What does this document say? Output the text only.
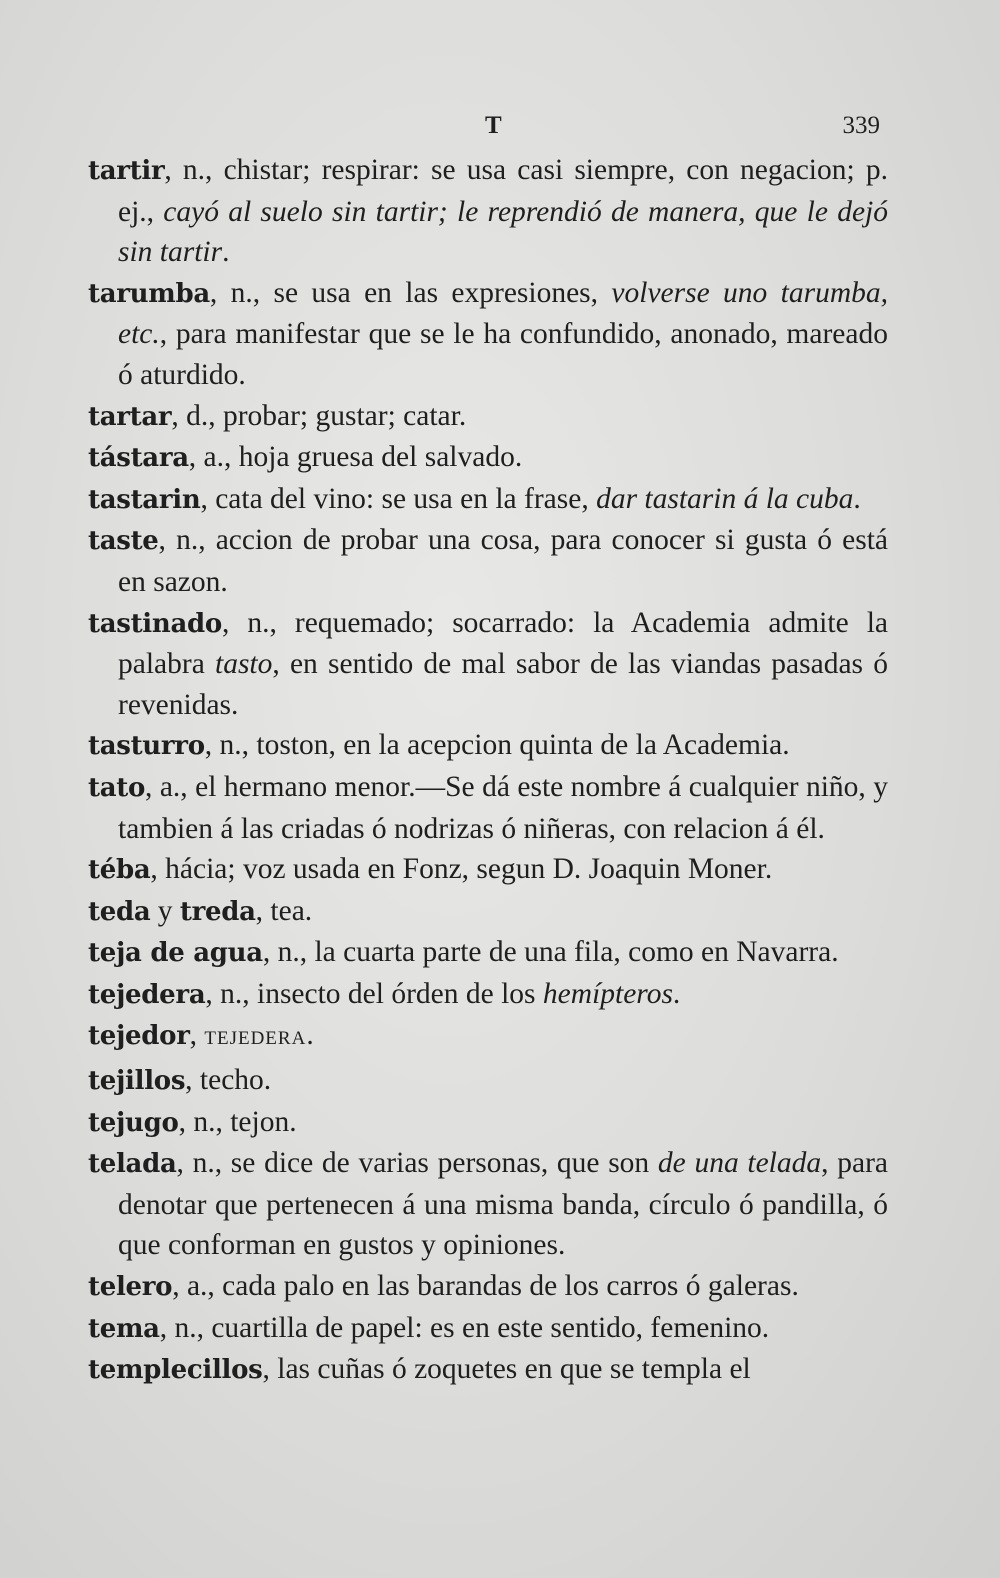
T	339

tartir, n., chistar; respirar: se usa casi siempre, con negacion; p. ej., cayó al suelo sin tartir; le reprendió de manera, que le dejó sin tartir.

tarumba, n., se usa en las expresiones, volverse uno tarumba, etc., para manifestar que se le ha confundido, anonado, mareado ó aturdido.

tartar, d., probar; gustar; catar.

tástara, a., hoja gruesa del salvado.

tastarin, cata del vino: se usa en la frase, dar tastarin á la cuba.

taste, n., accion de probar una cosa, para conocer si gusta ó está en sazon.

tastinado, n., requemado; socarrado: la Academia admite la palabra tasto, en sentido de mal sabor de las viandas pasadas ó revenidas.

tasturro, n., toston, en la acepcion quinta de la Academia.

tato, a., el hermano menor.—Se dá este nombre á cualquier niño, y tambien á las criadas ó nodrizas ó niñeras, con relacion á él.

téba, hácia; voz usada en Fonz, segun D. Joaquin Moner.

teda y treda, tea.

teja de agua, n., la cuarta parte de una fila, como en Navarra.

tejedera, n., insecto del órden de los hemípteros.

tejedor, TEJEDERA.

tejillos, techo.

tejugo, n., tejon.

telada, n., se dice de varias personas, que son de una telada, para denotar que pertenecen á una misma banda, círculo ó pandilla, ó que conforman en gustos y opiniones.

telero, a., cada palo en las barandas de los carros ó galeras.

tema, n., cuartilla de papel: es en este sentido, femenino.

templecillos, las cuñas ó zoquetes en que se templa el
